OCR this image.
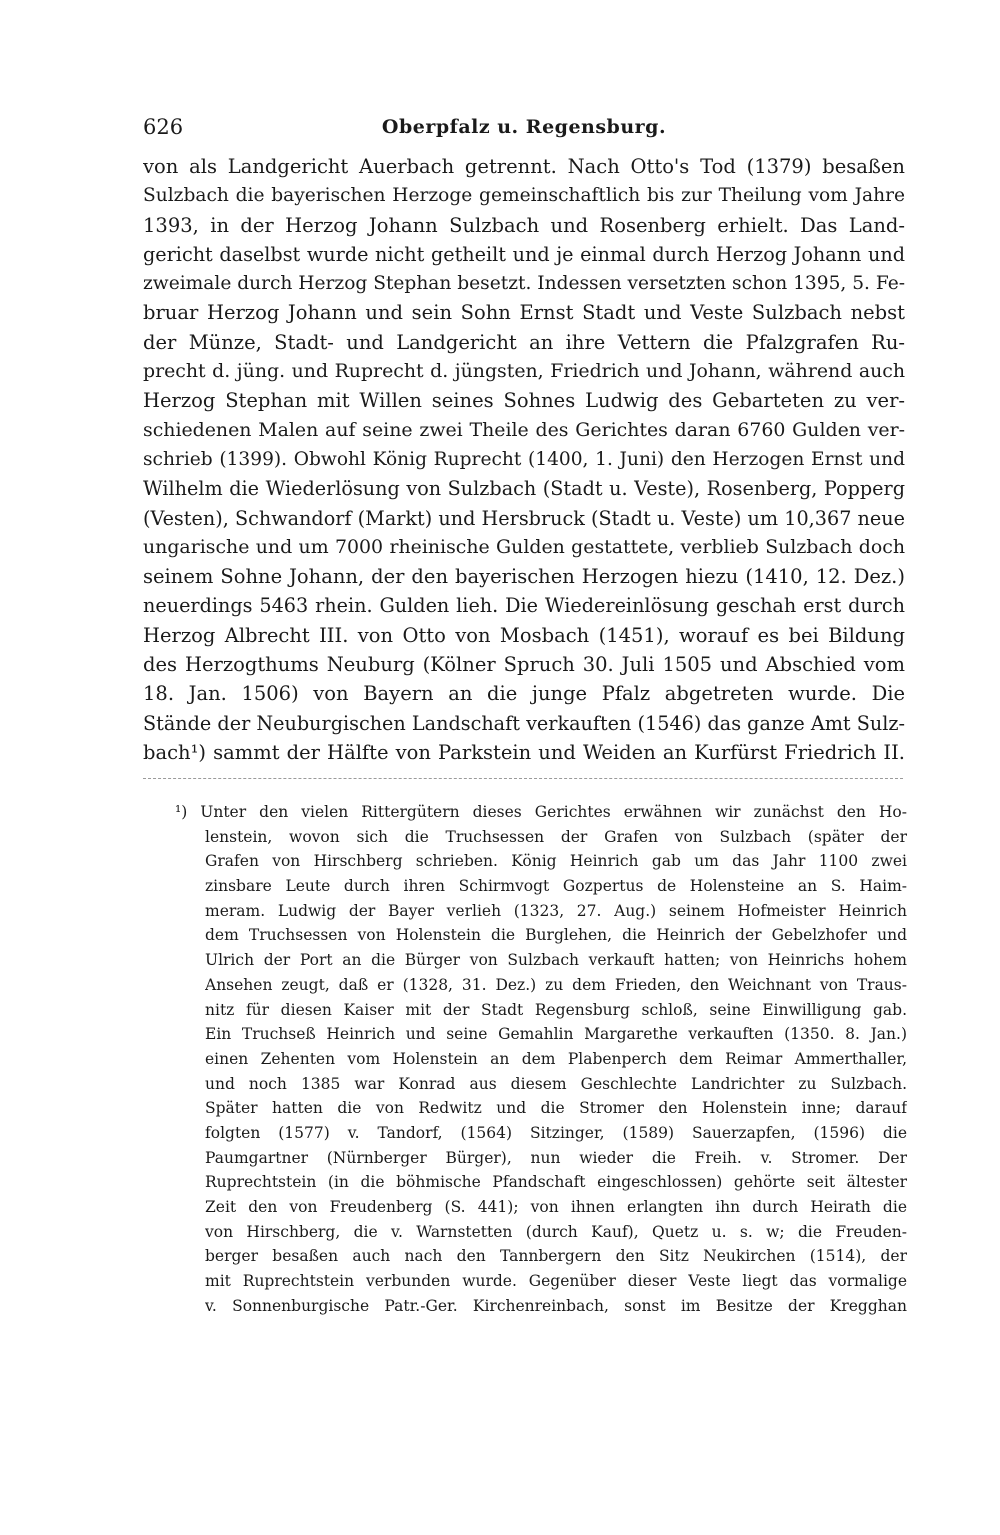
626	Oberpfalz u. Regensburg.
von als Landgericht Auerbach getrennt. Nach Otto's Tod (1379) besaßen
Sulzbach die bayerischen Herzoge gemeinschaftlich bis zur Theilung vom Jahre
1393, in der Herzog Johann Sulzbach und Rosenberg erhielt. Das Land-
gericht daselbst wurde nicht getheilt und je einmal durch Herzog Johann und
zweimale durch Herzog Stephan besetzt. Indessen versetzten schon 1395, 5. Fe-
bruar Herzog Johann und sein Sohn Ernst Stadt und Veste Sulzbach nebst
der Münze, Stadt- und Landgericht an ihre Vettern die Pfalzgrafen Ru-
precht d. jüng. und Ruprecht d. jüngsten, Friedrich und Johann, während auch
Herzog Stephan mit Willen seines Sohnes Ludwig des Gebarteten zu ver-
schiedenen Malen auf seine zwei Theile des Gerichtes daran 6760 Gulden ver-
schrieb (1399). Obwohl König Ruprecht (1400, 1. Juni) den Herzogen Ernst und
Wilhelm die Wiederlösung von Sulzbach (Stadt u. Veste), Rosenberg, Popperg
(Vesten), Schwandorf (Markt) und Hersbruck (Stadt u. Veste) um 10,367 neue
ungarische und um 7000 rheinische Gulden gestattete, verblieb Sulzbach doch
seinem Sohne Johann, der den bayerischen Herzogen hiezu (1410, 12. Dez.)
neuerdings 5463 rhein. Gulden lieh. Die Wiedereinlösung geschah erst durch
Herzog Albrecht III. von Otto von Mosbach (1451), worauf es bei Bildung
des Herzogthums Neuburg (Kölner Spruch 30. Juli 1505 und Abschied vom
18. Jan. 1506) von Bayern an die junge Pfalz abgetreten wurde. Die
Stände der Neuburgischen Landschaft verkauften (1546) das ganze Amt Sulz-
bach¹) sammt der Hälfte von Parkstein und Weiden an Kurfürst Friedrich II.
¹) Unter den vielen Rittergütern dieses Gerichtes erwähnen wir zunächst den Ho-
lenstein, wovon sich die Truchsessen der Grafen von Sulzbach (später der
Grafen von Hirschberg schrieben. König Heinrich gab um das Jahr 1100 zwei
zinsbare Leute durch ihren Schirmvogt Gozpertus de Holensteine an S. Haim-
meram. Ludwig der Bayer verlieh (1323, 27. Aug.) seinem Hofmeister Heinrich
dem Truchsessen von Holenstein die Burglehen, die Heinrich der Gebelzhofer und
Ulrich der Port an die Bürger von Sulzbach verkauft hatten; von Heinrichs hohem
Ansehen zeugt, daß er (1328, 31. Dez.) zu dem Frieden, den Weichnant von Traus-
nitz für diesen Kaiser mit der Stadt Regensburg schloß, seine Einwilligung gab.
Ein Truchseß Heinrich und seine Gemahlin Margarethe verkauften (1350. 8. Jan.)
einen Zehenten vom Holenstein an dem Plabenperch dem Reimar Ammerthaller,
und noch 1385 war Konrad aus diesem Geschlechte Landrichter zu Sulzbach.
Später hatten die von Redwitz und die Stromer den Holenstein inne; darauf
folgten (1577) v. Tandorf, (1564) Sitzinger, (1589) Sauerzapfen, (1596) die
Paumgartner (Nürnberger Bürger), nun wieder die Freih. v. Stromer. Der
Ruprechtstein (in die böhmische Pfandschaft eingeschlossen) gehörte seit ältester
Zeit den von Freudenberg (S. 441); von ihnen erlangten ihn durch Heirath die
von Hirschberg, die v. Warnstetten (durch Kauf), Quetz u. s. w; die Freuden-
berger besaßen auch nach den Tannbergern den Sitz Neukirchen (1514), der
mit Ruprechtstein verbunden wurde. Gegenüber dieser Veste liegt das vormalige
v. Sonnenburgische Patr.-Ger. Kirchenreinbach, sonst im Besitze der Kregghan
